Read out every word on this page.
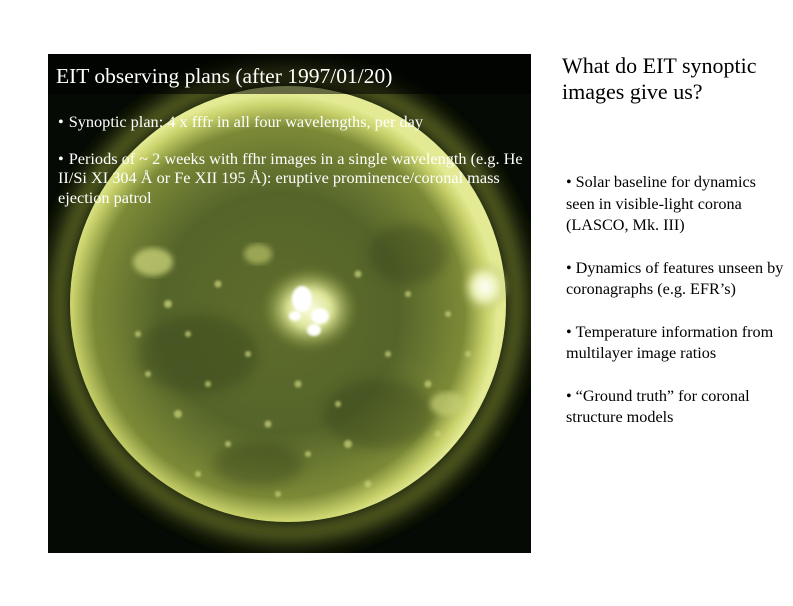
EIT observing plans (after 1997/01/20)
• Synoptic plan: 4 x fffr in all four wavelengths, per day
• Periods of ~ 2 weeks with ffhr images in a single wavelength (e.g. He II/Si XI 304 Å or Fe XII 195 Å): eruptive prominence/coronal mass ejection patrol
What do EIT synoptic images give us?
• Solar baseline for dynamics seen in visible-light corona (LASCO, Mk. III)
• Dynamics of features unseen by coronagraphs (e.g. EFR’s)
• Temperature information from multilayer image ratios
• “Ground truth” for coronal structure models
